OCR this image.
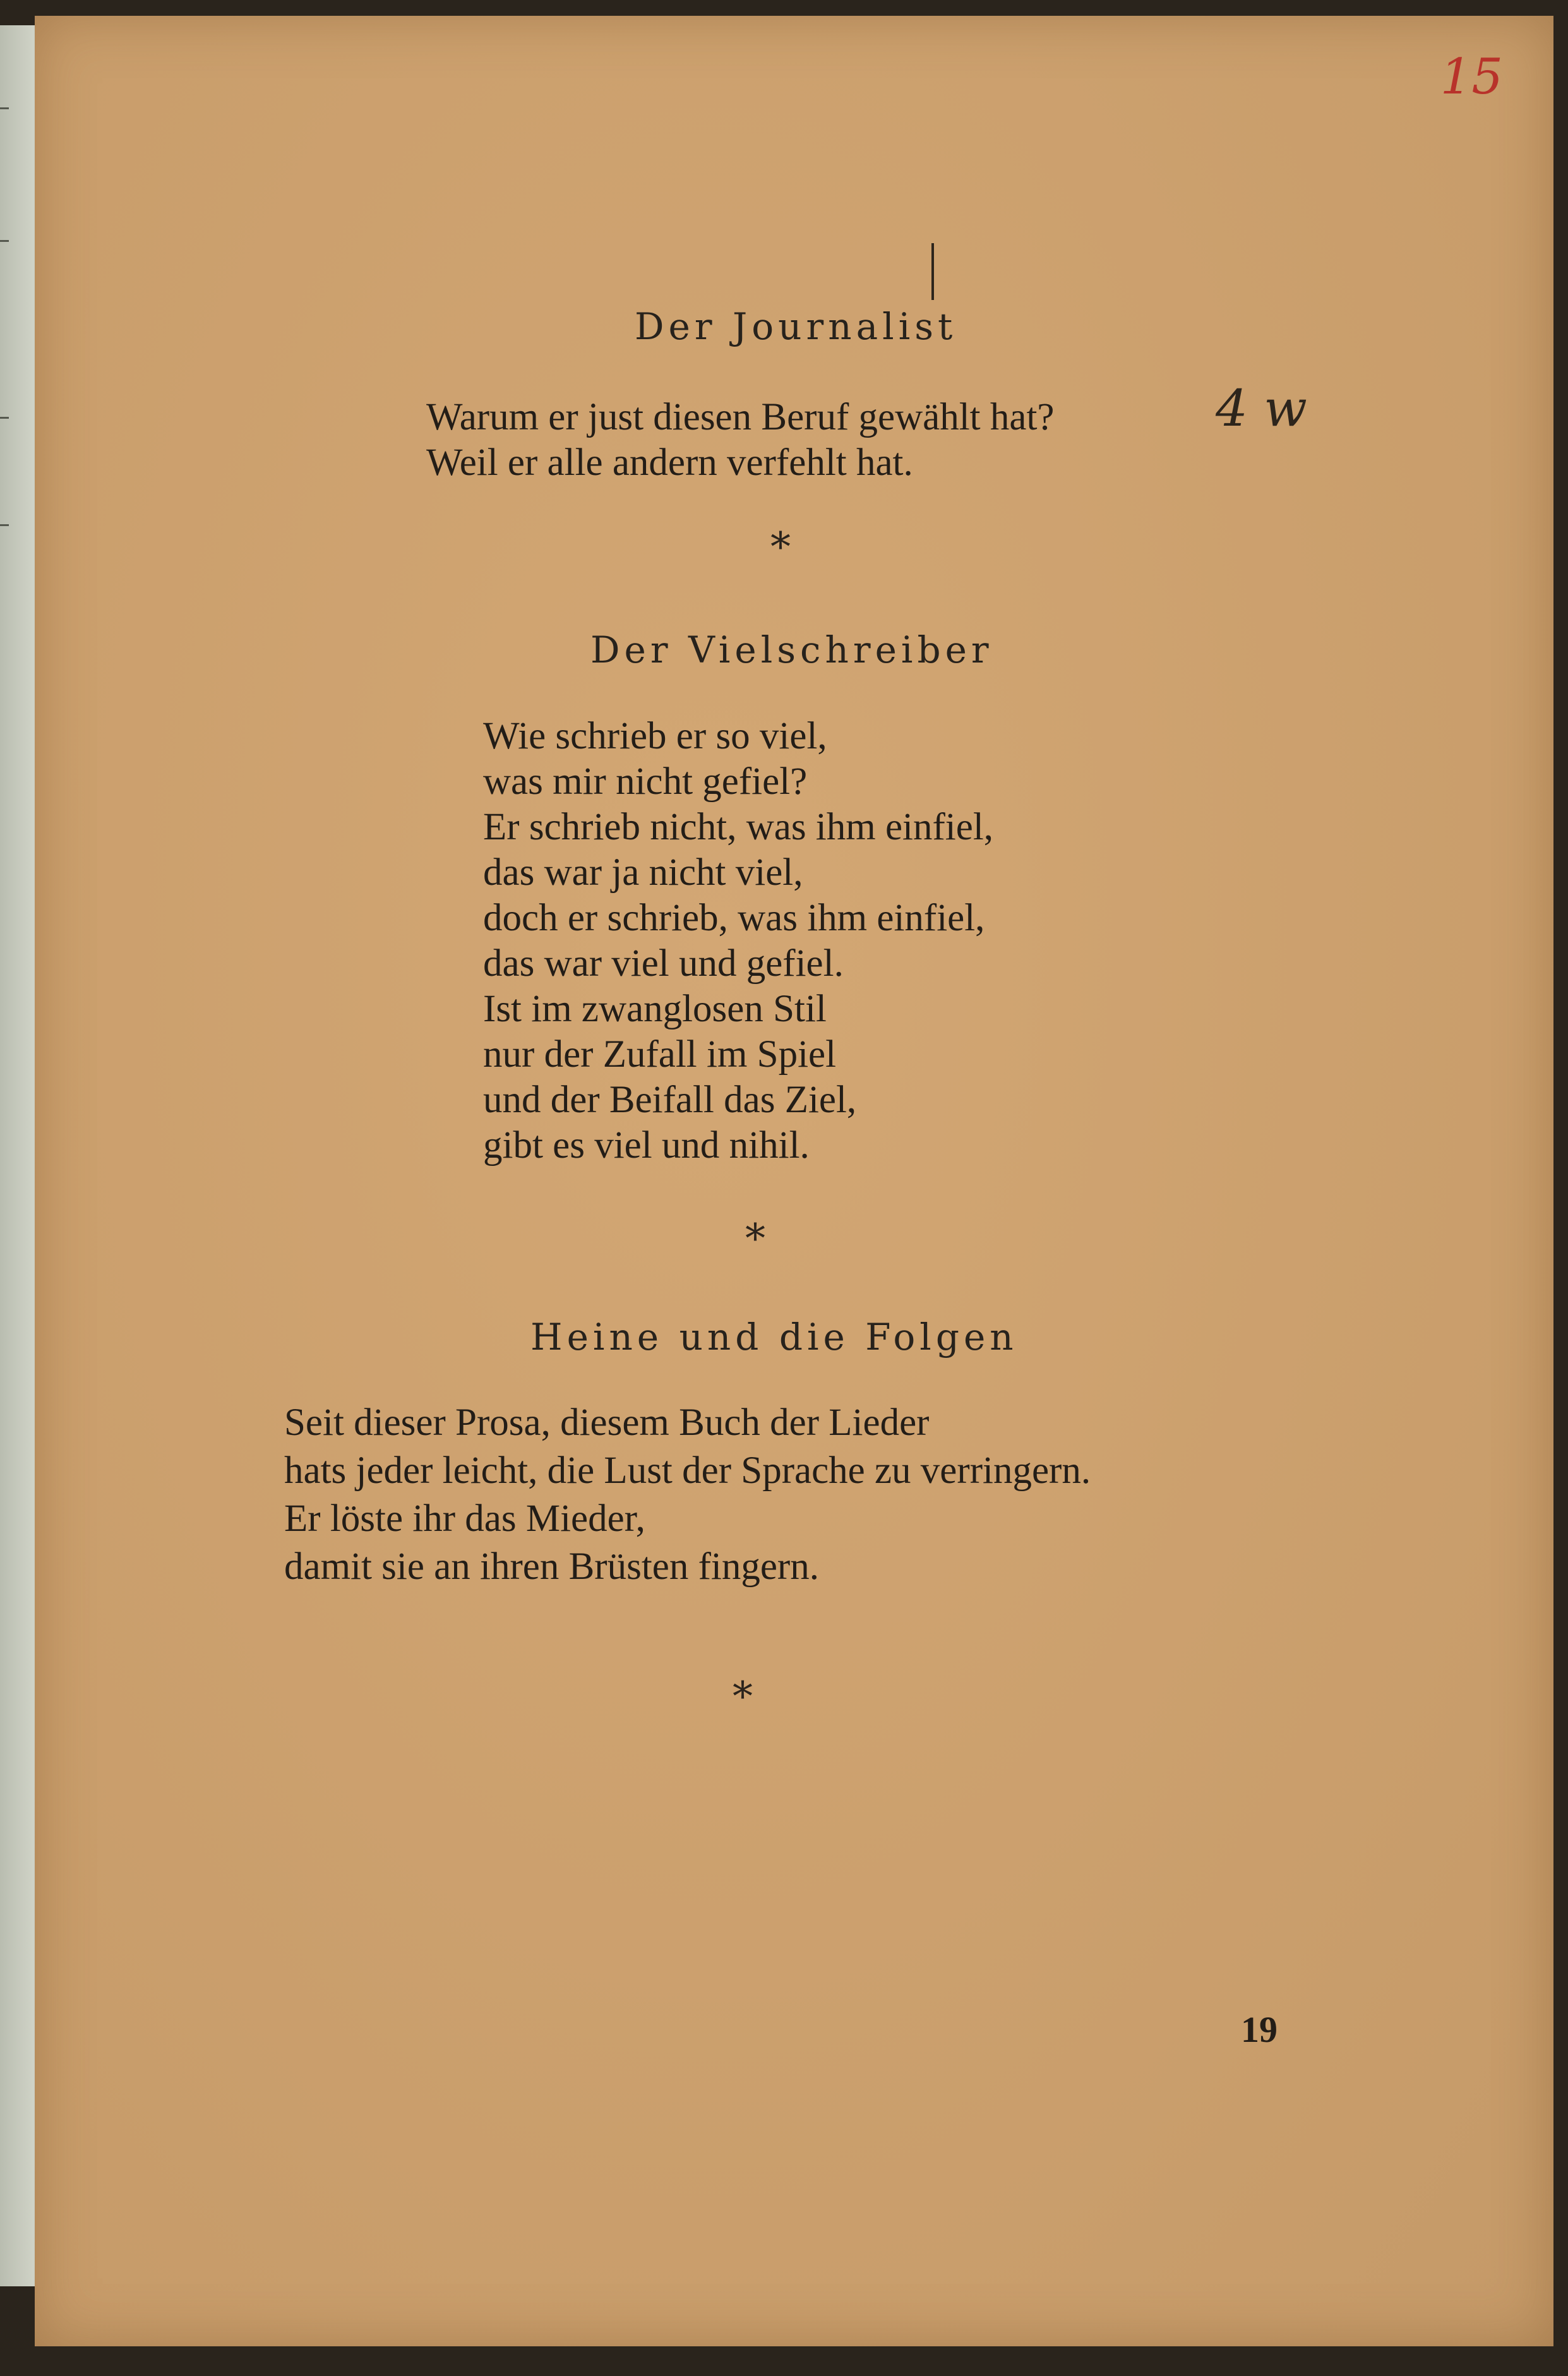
15
4 w
Der Journalist
Warum er just diesen Beruf gewählt hat?
Weil er alle andern verfehlt hat.
*
Der Vielschreiber
Wie schrieb er so viel,
was mir nicht gefiel?
Er schrieb nicht, was ihm einfiel,
das war ja nicht viel,
doch er schrieb, was ihm einfiel,
das war viel und gefiel.
Ist im zwanglosen Stil
nur der Zufall im Spiel
und der Beifall das Ziel,
gibt es viel und nihil.
*
Heine und die Folgen
Seit dieser Prosa, diesem Buch der Lieder
hats jeder leicht, die Lust der Sprache zu verringern.
Er löste ihr das Mieder,
damit sie an ihren Brüsten fingern.
*
19
